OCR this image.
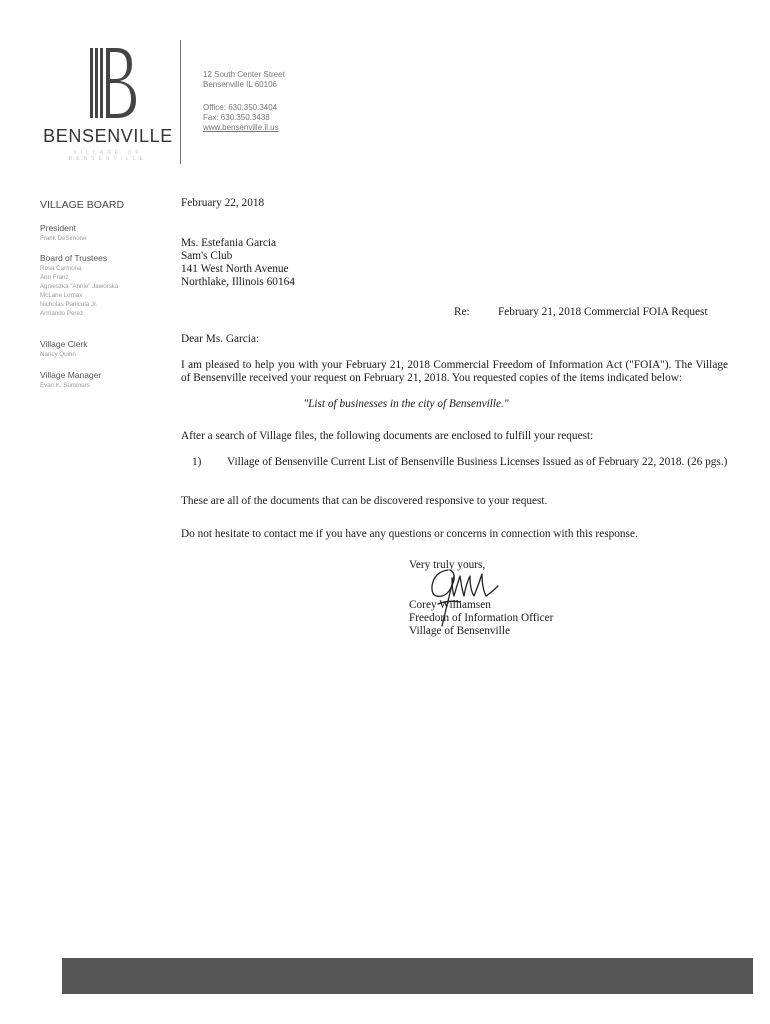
BENSENVILLE
VILLAGE OF BENSENVILLE
12 South Center Street
Bensenville IL 60106
Office: 630.350.3404
Fax: 630.350.3438
www.bensenville.il.us
VILLAGE BOARD
President
Frank DeSimone
Board of Trustees
Rosa Carmona
Ann Franz
Agnieszka "Annie" Jaworska
McLane Lomax
Nicholas Panicola Jr.
Armando Perez
Village Clerk
Nancy Quinn
Village Manager
Evan K. Summers
February 22, 2018
Ms. Estefania Garcia
Sam's Club
141 West North Avenue
Northlake, Illinois 60164
Re:	February 21, 2018 Commercial FOIA Request
Dear Ms. Garcia:
I am pleased to help you with your February 21, 2018 Commercial Freedom of Information Act ("FOIA"). The Village of Bensenville received your request on February 21, 2018. You requested copies of the items indicated below:
"List of businesses in the city of Bensenville."
After a search of Village files, the following documents are enclosed to fulfill your request:
1) Village of Bensenville Current List of Bensenville Business Licenses Issued as of February 22, 2018. (26 pgs.)
These are all of the documents that can be discovered responsive to your request.
Do not hesitate to contact me if you have any questions or concerns in connection with this response.
Very truly yours,
Corey Williamsen
Freedom of Information Officer
Village of Bensenville
